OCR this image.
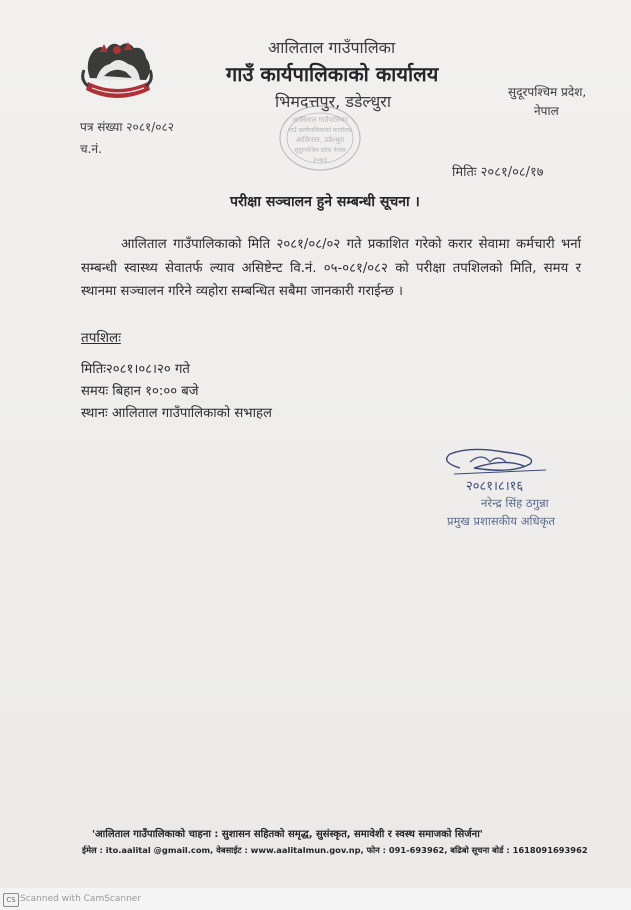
आलिताल गाउँपालिका
गाउँ कार्यपालिकाको कार्यालय
भिमदत्तपुर, डडेल्धुरा	सुदूरपश्चिम प्रदेश,
नेपाल
आलिताल गाउँपालिका
गाउँ कार्यपालिकाको कार्यालय
आलिताल, डडेल्धुरा
सुदूरपश्चिम प्रदेश नेपाल
२०७३
पत्र संख्या २०८१/०८२
च.नं.
मितिः २०८१/०८/१७
परीक्षा सञ्चालन हुने सम्बन्धी सूचना ।

आलिताल गाउँपालिकाको मिति २०८१/०८/०२ गते प्रकाशित गरेको करार सेवामा कर्मचारी भर्ना सम्बन्धी स्वास्थ्य सेवातर्फ ल्याव असिष्टेन्ट वि.नं. ०५-०८१/०८२ को परीक्षा तपशिलको मिति, समय र स्थानमा सञ्चालन गरिने व्यहोरा सम्बन्धित सबैमा जानकारी गराईन्छ ।

तपशिलः
मितिः२०८१।०८।२० गते
समयः बिहान १०:०० बजे
स्थानः आलिताल गाउँपालिकाको सभाहल
२०८१।८।१६
नरेन्द्र सिंह ठगुन्ना
प्रमुख प्रशासकीय अधिकृत
'आलिताल गाउँपालिकाको चाहना : सुशासन सहितको समृद्ध, सुसंस्कृत, समावेशी र स्वस्थ समाजको सिर्जना'
ईमेल : ito.aalital @gmail.com, वेबसाईट : www.aalitalmun.gov.np, फोन : 091-693962, बढिबो सूचना बोर्ड : 1618091693962
CS Scanned with CamScanner
